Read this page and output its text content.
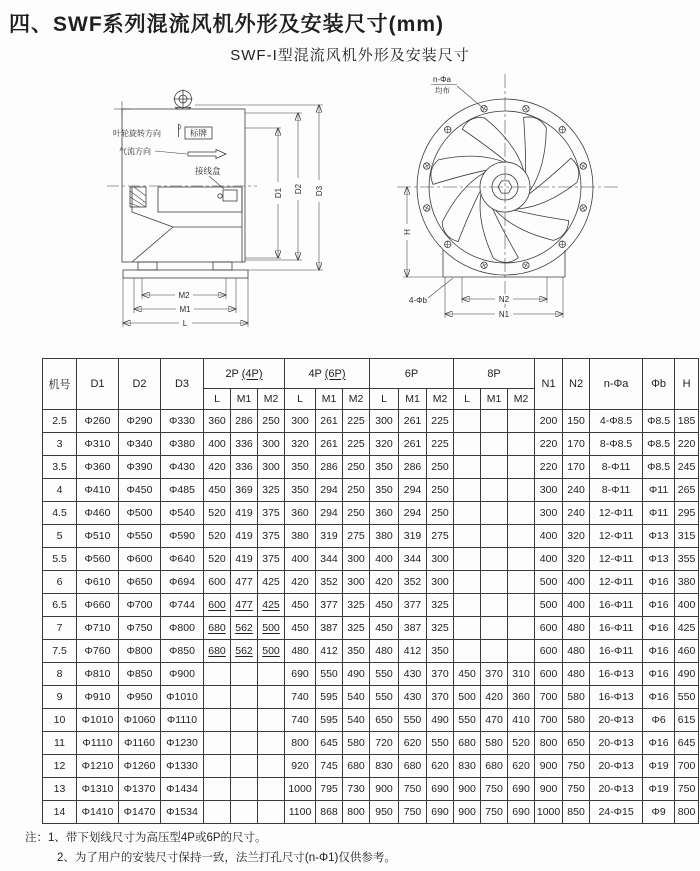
四、SWF系列混流风机外形及安装尺寸(mm)
SWF-I型混流风机外形及安装尺寸
接线盒
标牌
叶轮旋转方向
气流方向
M2
M1
L
D1 D2 D3
n-Φa
均布
H
N2
N1
4-Φb
机号	D1	D2	D3	2P (4P)			4P (6P)			6P			8P			N1	N2	n-Φa	Φb	H
				L	M1	M2	L	M1	M2	L	M1	M2	L	M1	M2					
2.5	Φ260	Φ290	Φ330	360	286	250	300	261	225	300	261	225				200	150	4-Φ8.5	Φ8.5	185
3	Φ310	Φ340	Φ380	400	336	300	320	261	225	320	261	225				220	170	8-Φ8.5	Φ8.5	220
3.5	Φ360	Φ390	Φ430	420	336	300	350	286	250	350	286	250				220	170	8-Φ11	Φ8.5	245
4	Φ410	Φ450	Φ485	450	369	325	350	294	250	350	294	250				300	240	8-Φ11	Φ11	265
4.5	Φ460	Φ500	Φ540	520	419	375	360	294	250	360	294	250				300	240	12-Φ11	Φ11	295
5	Φ510	Φ550	Φ590	520	419	375	380	319	275	380	319	275				400	320	12-Φ11	Φ13	315
5.5	Φ560	Φ600	Φ640	520	419	375	400	344	300	400	344	300				400	320	12-Φ11	Φ13	355
6	Φ610	Φ650	Φ694	600	477	425	420	352	300	420	352	300				500	400	12-Φ11	Φ16	380
6.5	Φ660	Φ700	Φ744	600	477	425	450	377	325	450	377	325				500	400	16-Φ11	Φ16	400
7	Φ710	Φ750	Φ800	680	562	500	450	387	325	450	387	325				600	480	16-Φ11	Φ16	425
7.5	Φ760	Φ800	Φ850	680	562	500	480	412	350	480	412	350				600	480	16-Φ11	Φ16	460
8	Φ810	Φ850	Φ900				690	550	490	550	430	370	450	370	310	600	480	16-Φ13	Φ16	490
9	Φ910	Φ950	Φ1010				740	595	540	550	430	370	500	420	360	700	580	16-Φ13	Φ16	550
10	Φ1010	Φ1060	Φ1110				740	595	540	650	550	490	550	470	410	700	580	20-Φ13	Φ6	615
11	Φ1110	Φ1160	Φ1230				800	645	580	720	620	550	680	580	520	800	650	20-Φ13	Φ16	645
12	Φ1210	Φ1260	Φ1330				920	745	680	830	680	620	830	680	620	900	750	20-Φ13	Φ19	700
13	Φ1310	Φ1370	Φ1434				1000	795	730	900	750	690	900	750	690	900	750	20-Φ13	Φ19	750
14	Φ1410	Φ1470	Φ1534				1100	868	800	950	750	690	900	750	690	1000	850	24-Φ15	Φ9	800
注：1、带下划线尺寸为高压型4P或6P的尺寸。
2、为了用户的安装尺寸保持一致，法兰打孔尺寸(n-Φ1)仅供参考。
